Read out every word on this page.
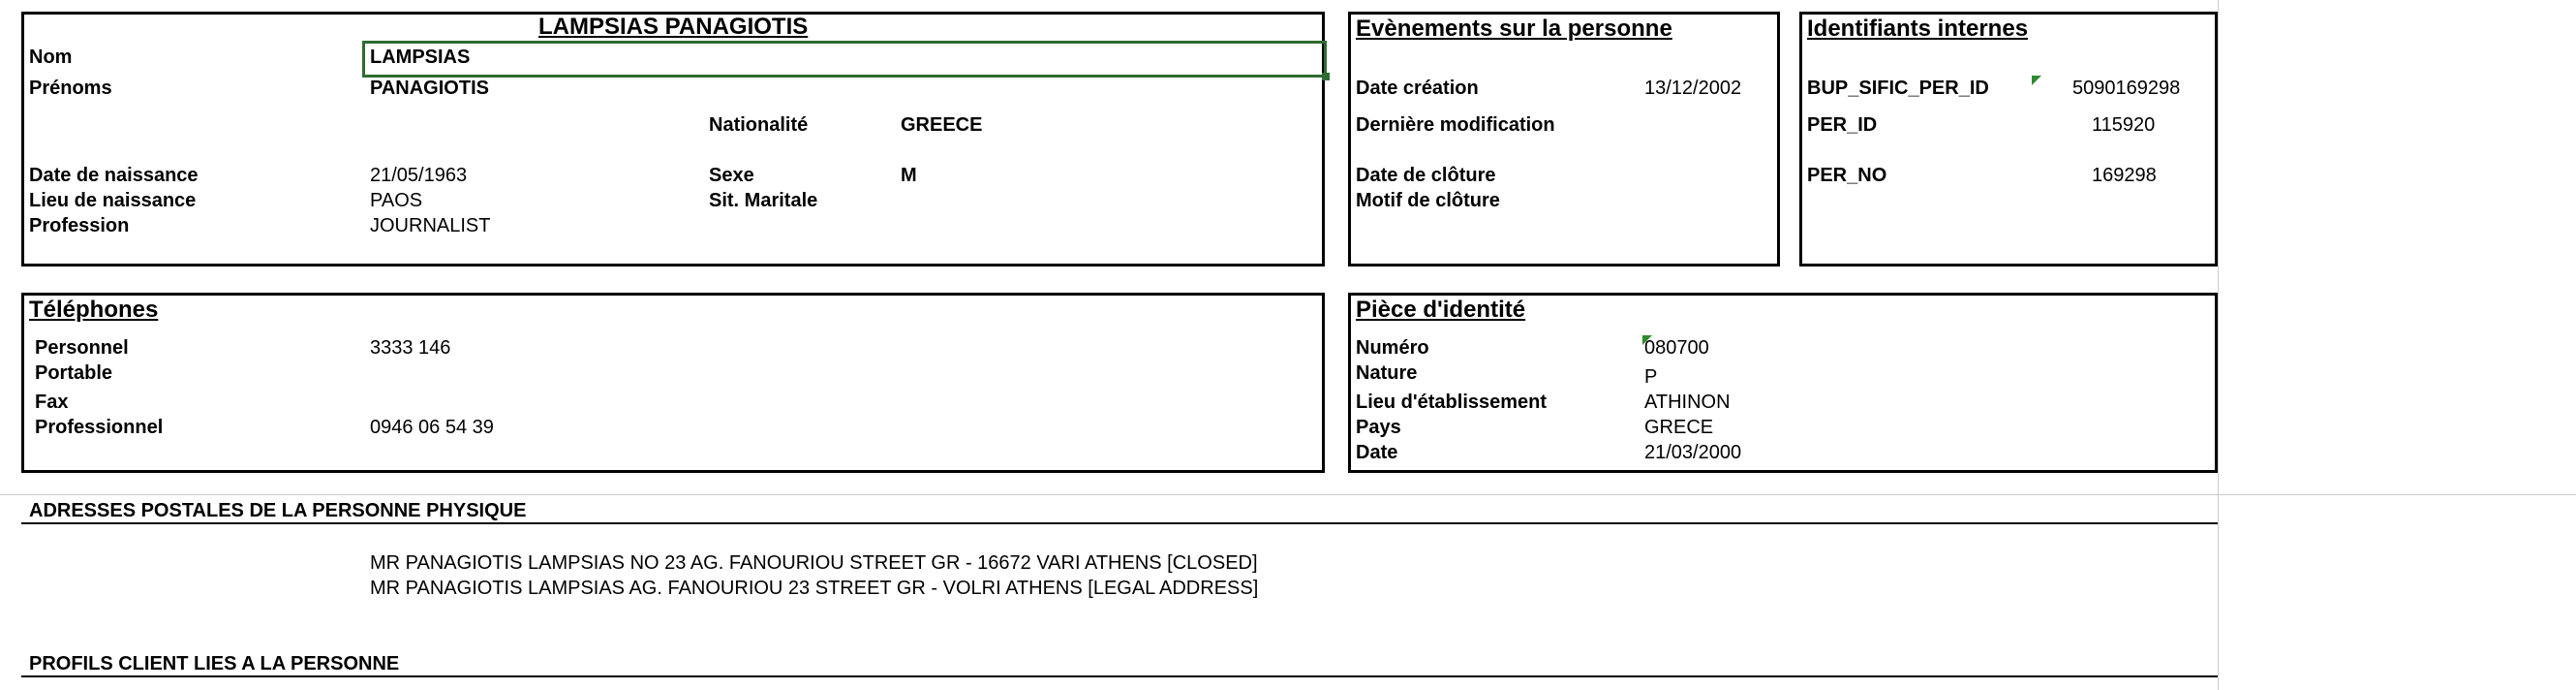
LAMPSIAS PANAGIOTIS
Nom	LAMPSIAS
Prénoms	PANAGIOTIS
Nationalité	GREECE
Date de naissance	21/05/1963	Sexe	M
Lieu de naissance	PAOS	Sit. Maritale
Profession	JOURNALIST
Evènements sur la personne
Date création	13/12/2002
Dernière modification
Date de clôture
Motif de clôture
Identifiants internes
BUP_SIFIC_PER_ID	5090169298
PER_ID	115920
PER_NO	169298
Téléphones
Personnel	3333 146
Portable
Fax
Professionnel	0946 06 54 39
Pièce d'identité
Numéro	080700
Nature	P
Lieu d'établissement	ATHINON
Pays	GRECE
Date	21/03/2000
ADRESSES POSTALES DE LA PERSONNE PHYSIQUE
MR PANAGIOTIS LAMPSIAS NO 23 AG. FANOURIOU STREET GR - 16672 VARI ATHENS [CLOSED]
MR PANAGIOTIS LAMPSIAS AG. FANOURIOU 23 STREET GR - VOLRI ATHENS [LEGAL ADDRESS]
PROFILS CLIENT LIES A LA PERSONNE
